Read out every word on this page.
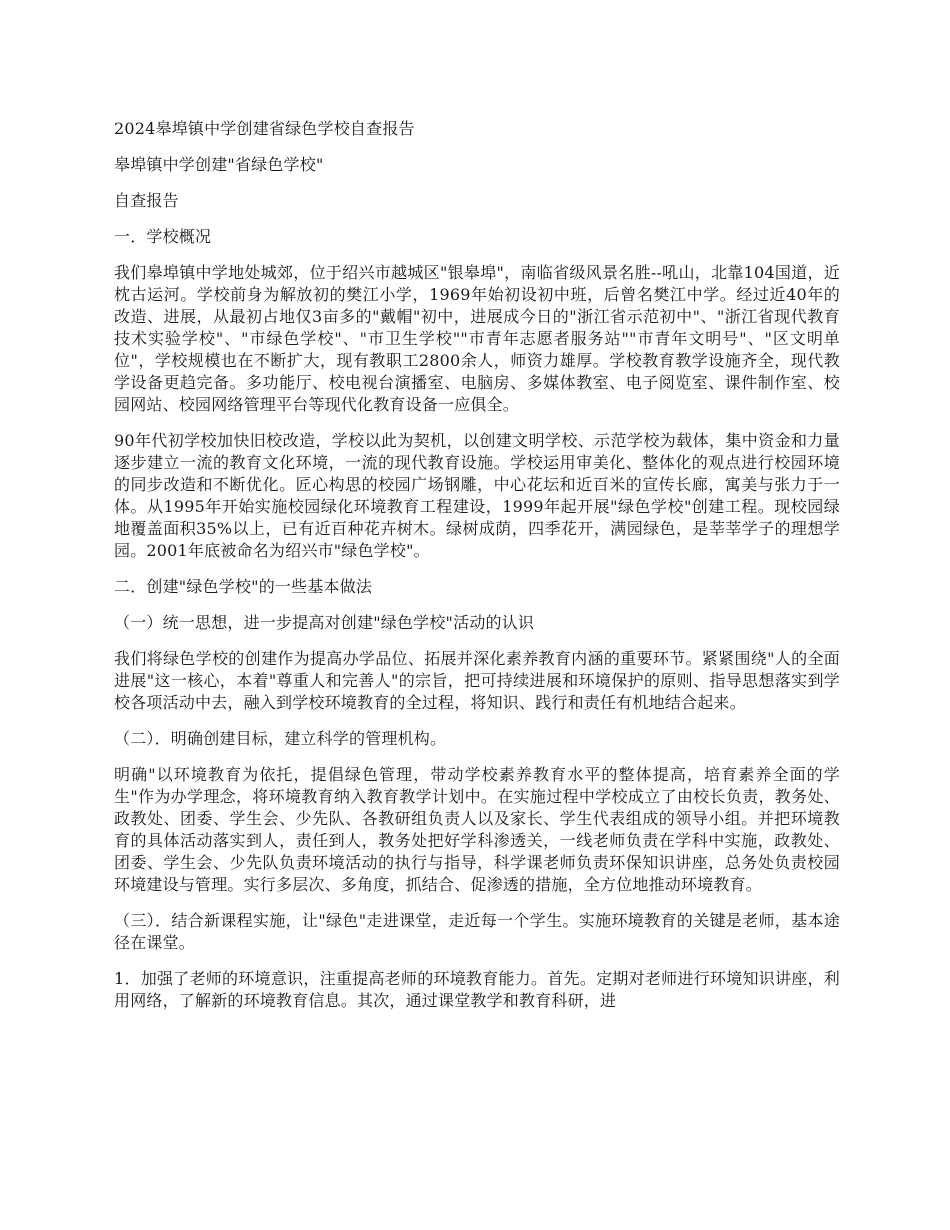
2024皋埠镇中学创建省绿色学校自查报告

皋埠镇中学创建"省绿色学校"

自查报告

一．学校概况

我们皋埠镇中学地处城郊，位于绍兴市越城区"银皋埠"，南临省级风景名胜--吼山，北靠104国道，近枕古运河。学校前身为解放初的樊江小学，1969年始初设初中班，后曾名樊江中学。经过近40年的改造、进展，从最初占地仅3亩多的"戴帽"初中，进展成今日的"浙江省示范初中"、"浙江省现代教育技术实验学校"、"市绿色学校"、"市卫生学校""市青年志愿者服务站""市青年文明号"、"区文明单位"，学校规模也在不断扩大，现有教职工2800余人，师资力雄厚。学校教育教学设施齐全，现代教学设备更趋完备。多功能厅、校电视台演播室、电脑房、多媒体教室、电子阅览室、课件制作室、校园网站、校园网络管理平台等现代化教育设备一应俱全。

90年代初学校加快旧校改造，学校以此为契机，以创建文明学校、示范学校为载体，集中资金和力量逐步建立一流的教育文化环境，一流的现代教育设施。学校运用审美化、整体化的观点进行校园环境的同步改造和不断优化。匠心构思的校园广场钢雕，中心花坛和近百米的宣传长廊，寓美与张力于一体。从1995年开始实施校园绿化环境教育工程建设，1999年起开展"绿色学校"创建工程。现校园绿地覆盖面积35%以上，已有近百种花卉树木。绿树成荫，四季花开，满园绿色，是莘莘学子的理想学园。2001年底被命名为绍兴市"绿色学校"。

二．创建"绿色学校"的一些基本做法

（一）统一思想，进一步提高对创建"绿色学校"活动的认识

我们将绿色学校的创建作为提高办学品位、拓展并深化素养教育内涵的重要环节。紧紧围绕"人的全面进展"这一核心，本着"尊重人和完善人"的宗旨，把可持续进展和环境保护的原则、指导思想落实到学校各项活动中去，融入到学校环境教育的全过程，将知识、践行和责任有机地结合起来。

（二）．明确创建目标，建立科学的管理机构。

明确"以环境教育为依托，提倡绿色管理，带动学校素养教育水平的整体提高，培育素养全面的学生"作为办学理念，将环境教育纳入教育教学计划中。在实施过程中学校成立了由校长负责，教务处、政教处、团委、学生会、少先队、各教研组负责人以及家长、学生代表组成的领导小组。并把环境教育的具体活动落实到人，责任到人，教务处把好学科渗透关，一线老师负责在学科中实施，政教处、团委、学生会、少先队负责环境活动的执行与指导，科学课老师负责环保知识讲座，总务处负责校园环境建设与管理。实行多层次、多角度，抓结合、促渗透的措施，全方位地推动环境教育。

（三）．结合新课程实施，让"绿色"走进课堂，走近每一个学生。实施环境教育的关键是老师，基本途径在课堂。

1．加强了老师的环境意识，注重提高老师的环境教育能力。首先。定期对老师进行环境知识讲座，利用网络，了解新的环境教育信息。其次，通过课堂教学和教育科研，进
